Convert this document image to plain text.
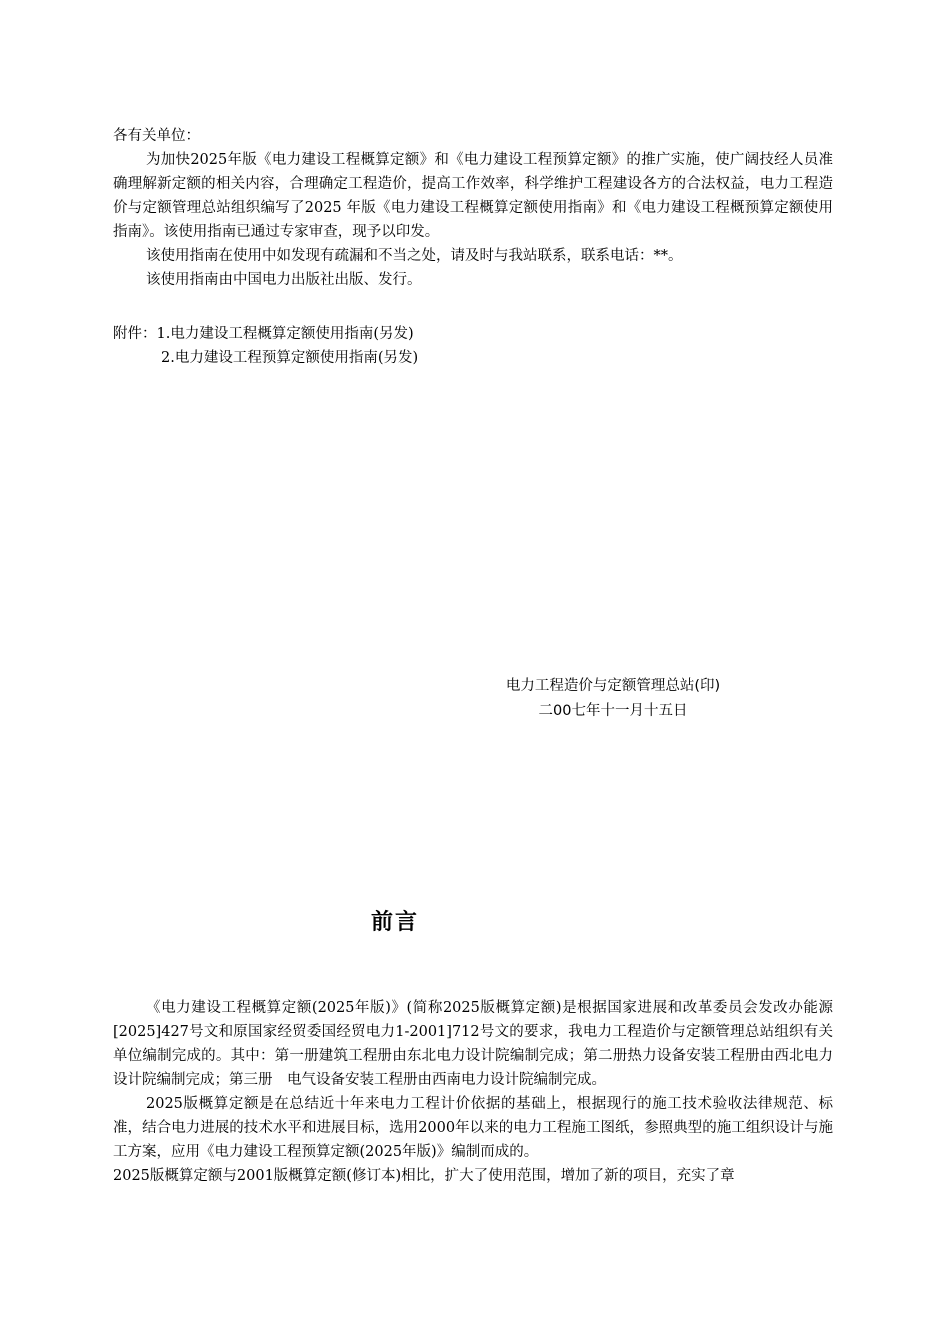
各有关单位：

为加快2025年版《电力建设工程概算定额》和《电力建设工程预算定额》的推广实施，使广阔技经人员准确理解新定额的相关内容，合理确定工程造价，提高工作效率，科学维护工程建设各方的合法权益，电力工程造价与定额管理总站组织编写了2025 年版《电力建设工程概算定额使用指南》和《电力建设工程概预算定额使用指南》。该使用指南已通过专家审查，现予以印发。

该使用指南在使用中如发现有疏漏和不当之处，请及时与我站联系，联系电话：**。

该使用指南由中国电力出版社出版、发行。

附件：1.电力建设工程概算定额使用指南(另发)

2.电力建设工程预算定额使用指南(另发)

电力工程造价与定额管理总站(印)

二00七年十一月十五日

前言

《电力建设工程概算定额(2025年版)》(简称2025版概算定额)是根据国家进展和改革委员会发改办能源[2025]427号文和原国家经贸委国经贸电力1-2001]712号文的要求，我电力工程造价与定额管理总站组织有关单位编制完成的。其中：第一册建筑工程册由东北电力设计院编制完成；第二册热力设备安装工程册由西北电力设计院编制完成；第三册　电气设备安装工程册由西南电力设计院编制完成。

2025版概算定额是在总结近十年来电力工程计价依据的基础上，根据现行的施工技术验收法律规范、标准，结合电力进展的技术水平和进展目标，选用2000年以来的电力工程施工图纸，参照典型的施工组织设计与施工方案，应用《电力建设工程预算定额(2025年版)》编制而成的。

2025版概算定额与2001版概算定额(修订本)相比，扩大了使用范围，增加了新的项目，充实了章
